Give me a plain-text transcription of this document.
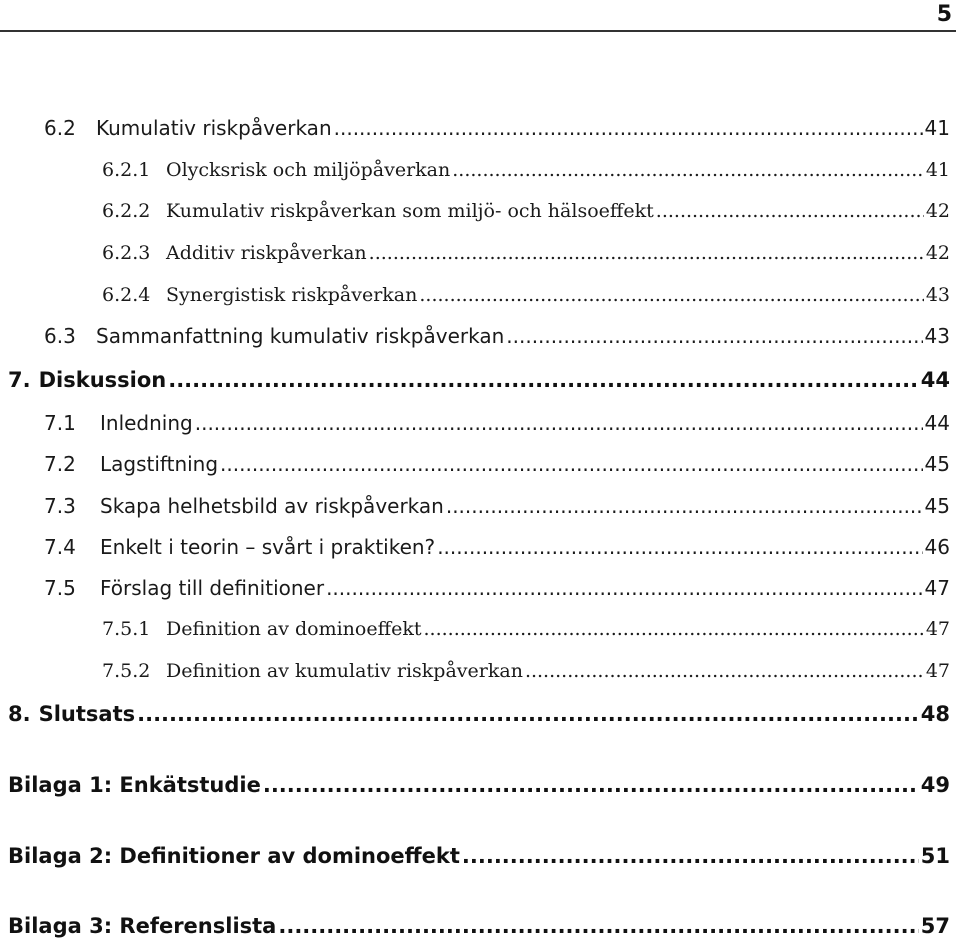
5
6.2	Kumulativ riskpåverkan .....	41
6.2.1 Olycksrisk och miljöpåverkan .....	41
6.2.2 Kumulativ riskpåverkan som miljö- och hälsoeffekt .....	42
6.2.3 Additiv riskpåverkan .....	42
6.2.4 Synergistisk riskpåverkan .....	43
6.3	Sammanfattning kumulativ riskpåverkan .....	43
7. Diskussion .....	44
7.1	Inledning .....	44
7.2	Lagstiftning .....	45
7.3	Skapa helhetsbild av riskpåverkan .....	45
7.4	Enkelt i teorin – svårt i praktiken? .....	46
7.5	Förslag till definitioner .....	47
7.5.1 Definition av dominoeffekt .....	47
7.5.2 Definition av kumulativ riskpåverkan .....	47
8. Slutsats .....	48
Bilaga 1: Enkätstudie .....	49
Bilaga 2: Definitioner av dominoeffekt .....	51
Bilaga 3: Referenslista .....	57
